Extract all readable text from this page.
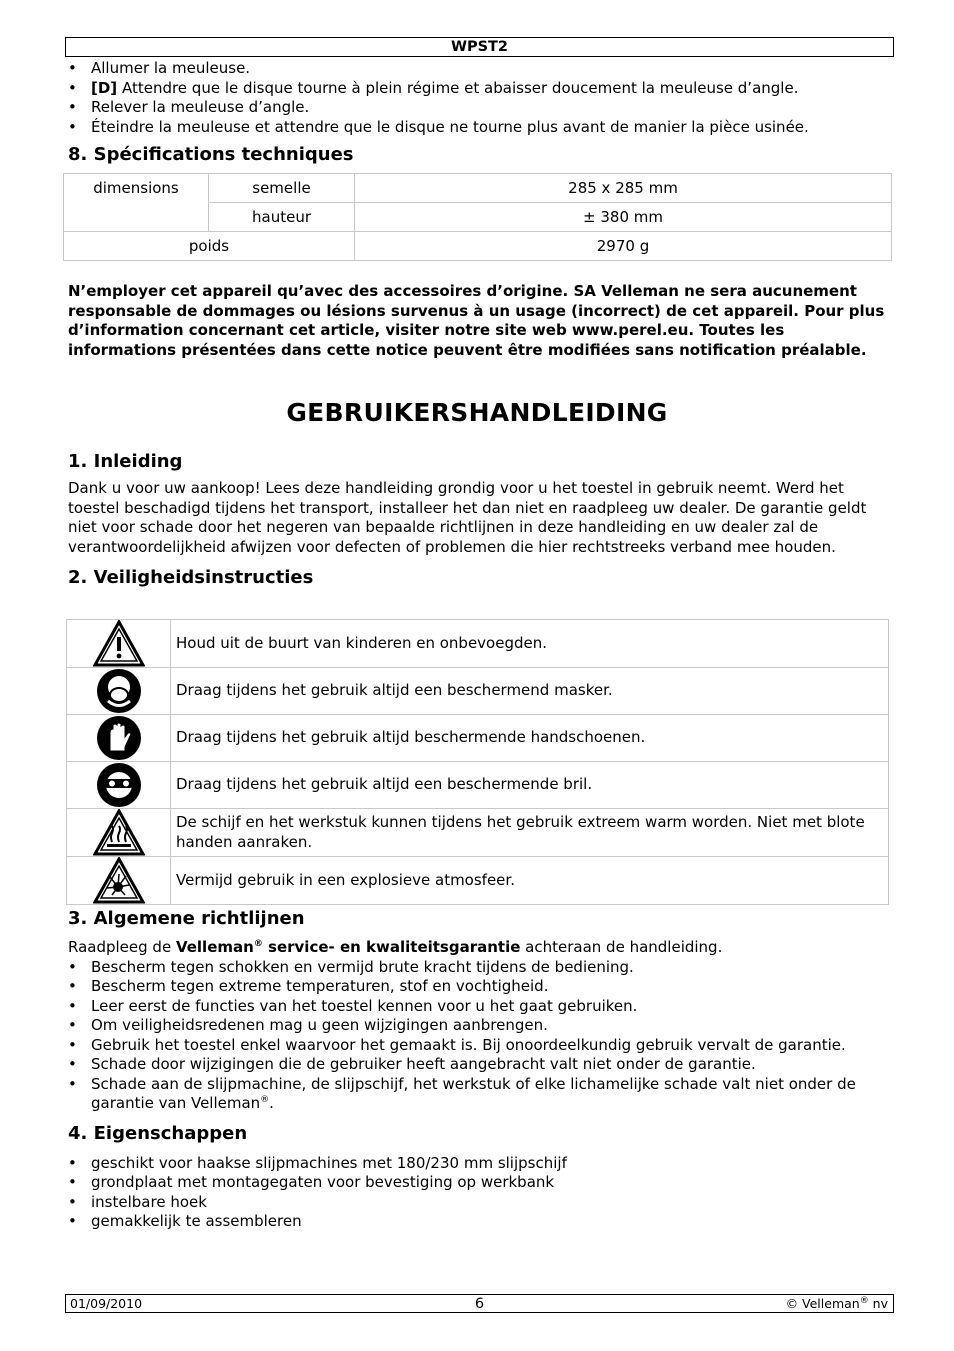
WPST2
• Allumer la meuleuse.
• [D] Attendre que le disque tourne à plein régime et abaisser doucement la meuleuse d’angle.
• Relever la meuleuse d’angle.
• Éteindre la meuleuse et attendre que le disque ne tourne plus avant de manier la pièce usinée.
8. Spécifications techniques
dimensions	semelle	285 x 285 mm
	hauteur	± 380 mm
poids		2970 g
N’employer cet appareil qu’avec des accessoires d’origine. SA Velleman ne sera aucunement responsable de dommages ou lésions survenus à un usage (incorrect) de cet appareil. Pour plus d’information concernant cet article, visiter notre site web www.perel.eu. Toutes les informations présentées dans cette notice peuvent être modifiées sans notification préalable.
GEBRUIKERSHANDLEIDING
1. Inleiding

Dank u voor uw aankoop! Lees deze handleiding grondig voor u het toestel in gebruik neemt. Werd het toestel beschadigd tijdens het transport, installeer het dan niet en raadpleeg uw dealer. De garantie geldt niet voor schade door het negeren van bepaalde richtlijnen in deze handleiding en uw dealer zal de verantwoordelijkheid afwijzen voor defecten of problemen die hier rechtstreeks verband mee houden.

2. Veiligheidsinstructies
	Houd uit de buurt van kinderen en onbevoegden.
	Draag tijdens het gebruik altijd een beschermend masker.
	Draag tijdens het gebruik altijd beschermende handschoenen.
	Draag tijdens het gebruik altijd een beschermende bril.
	De schijf en het werkstuk kunnen tijdens het gebruik extreem warm worden. Niet met blote handen aanraken.
	Vermijd gebruik in een explosieve atmosfeer.
3. Algemene richtlijnen

Raadpleeg de Velleman® service- en kwaliteitsgarantie achteraan de handleiding.

• Bescherm tegen schokken en vermijd brute kracht tijdens de bediening.
• Bescherm tegen extreme temperaturen, stof en vochtigheid.
• Leer eerst de functies van het toestel kennen voor u het gaat gebruiken.
• Om veiligheidsredenen mag u geen wijzigingen aanbrengen.
• Gebruik het toestel enkel waarvoor het gemaakt is. Bij onoordeelkundig gebruik vervalt de garantie.
• Schade door wijzigingen die de gebruiker heeft aangebracht valt niet onder de garantie.
• Schade aan de slijpmachine, de slijpschijf, het werkstuk of elke lichamelijke schade valt niet onder de garantie van Velleman®.
4. Eigenschappen
• geschikt voor haakse slijpmachines met 180/230 mm slijpschijf
• grondplaat met montagegaten voor bevestiging op werkbank
• instelbare hoek
• gemakkelijk te assembleren
01/09/2010	6	© Velleman® nv
